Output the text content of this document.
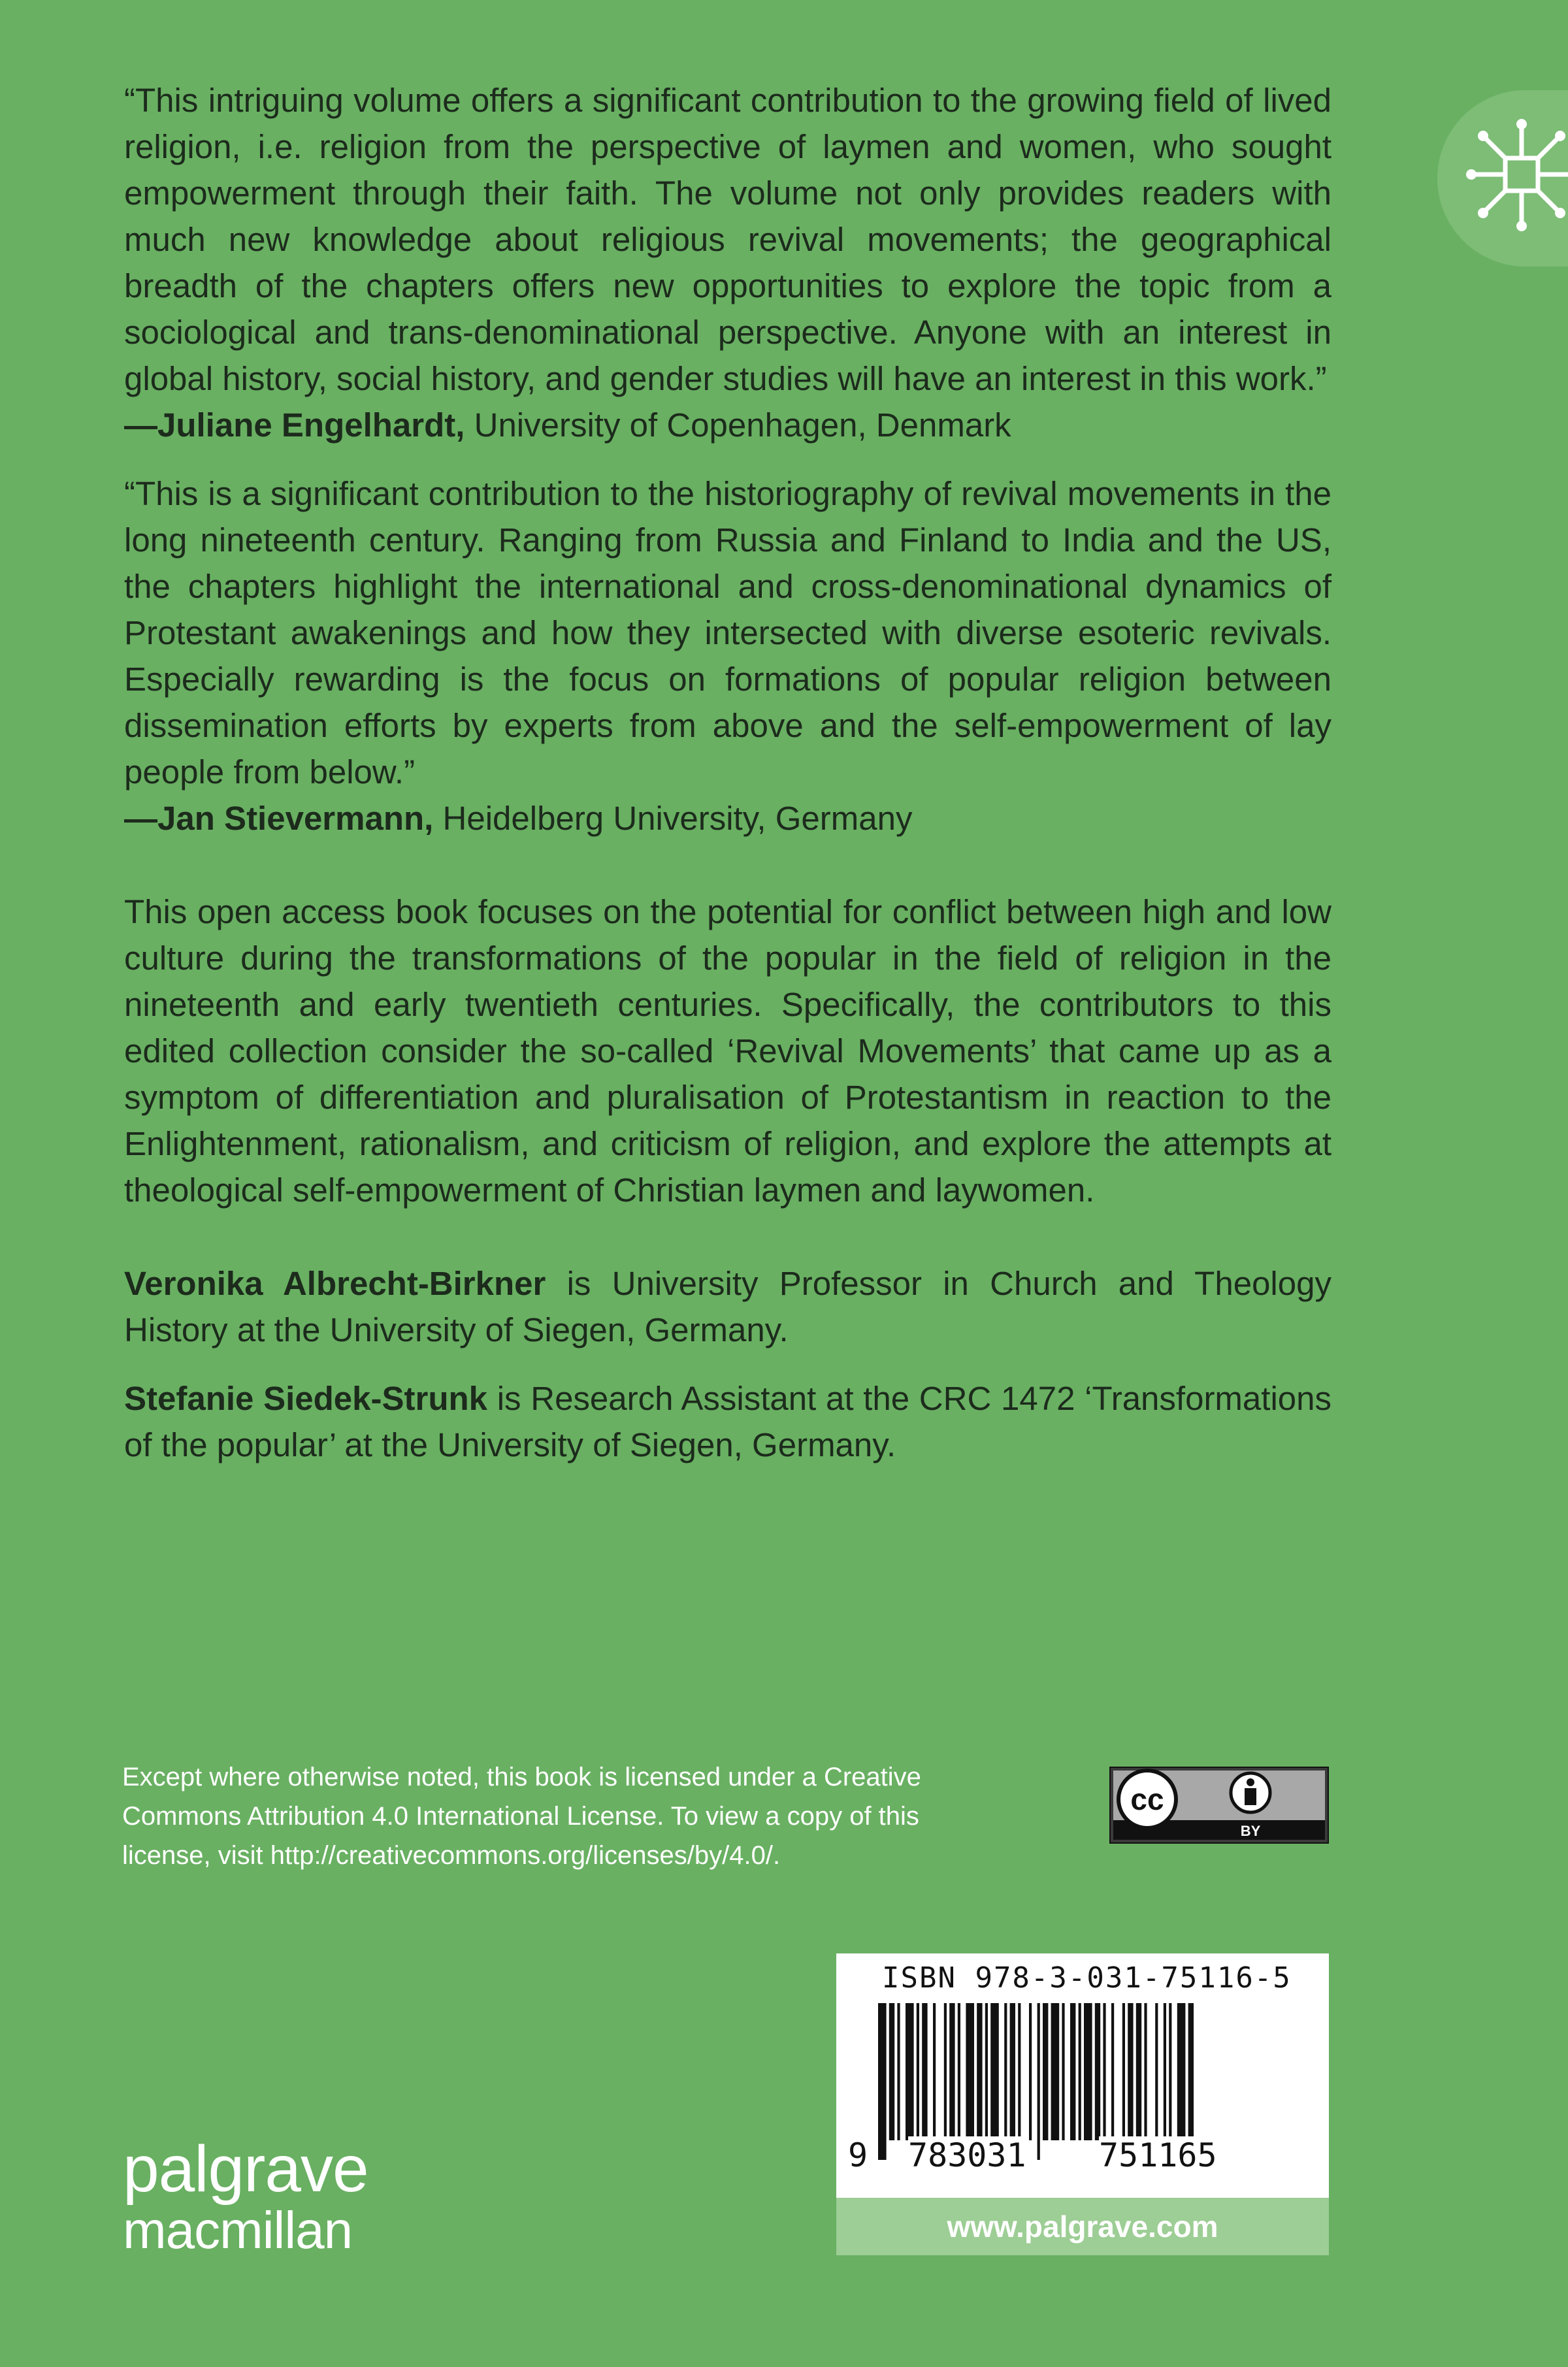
“This intriguing volume offers a significant contribution to the growing field of lived religion, i.e. religion from the perspective of laymen and women, who sought empowerment through their faith. The volume not only provides readers with much new knowledge about religious revival movements; the geographical breadth of the chapters offers new opportunities to explore the topic from a sociological and trans-denominational perspective. Anyone with an interest in global history, social history, and gender studies will have an interest in this work.”

—Juliane Engelhardt, University of Copenhagen, Denmark

“This is a significant contribution to the historiography of revival movements in the long nineteenth century. Ranging from Russia and Finland to India and the US, the chapters highlight the international and cross-denominational dynamics of Protestant awakenings and how they intersected with diverse esoteric revivals. Especially rewarding is the focus on formations of popular religion between dissemination efforts by experts from above and the self-empowerment of lay people from below.”

—Jan Stievermann, Heidelberg University, Germany

This open access book focuses on the potential for conflict between high and low culture during the transformations of the popular in the field of religion in the nineteenth and early twentieth centuries. Specifically, the contributors to this edited collection consider the so-called ‘Revival Movements’ that came up as a symptom of differentiation and pluralisation of Protestantism in reaction to the Enlightenment, rationalism, and criticism of religion, and explore the attempts at theological self-empowerment of Christian laymen and laywomen.

Veronika Albrecht-Birkner is University Professor in Church and Theology History at the University of Siegen, Germany.

Stefanie Siedek-Strunk is Research Assistant at the CRC 1472 ‘Transformations of the popular’ at the University of Siegen, Germany.

Except where otherwise noted, this book is licensed under a Creative Commons Attribution 4.0 International License. To view a copy of this license, visit http://creativecommons.org/licenses/by/4.0/.

cc
BY
ISBN 978-3-031-75116-5
9 783031 751165
www.palgrave.com
palgrave
macmillan
